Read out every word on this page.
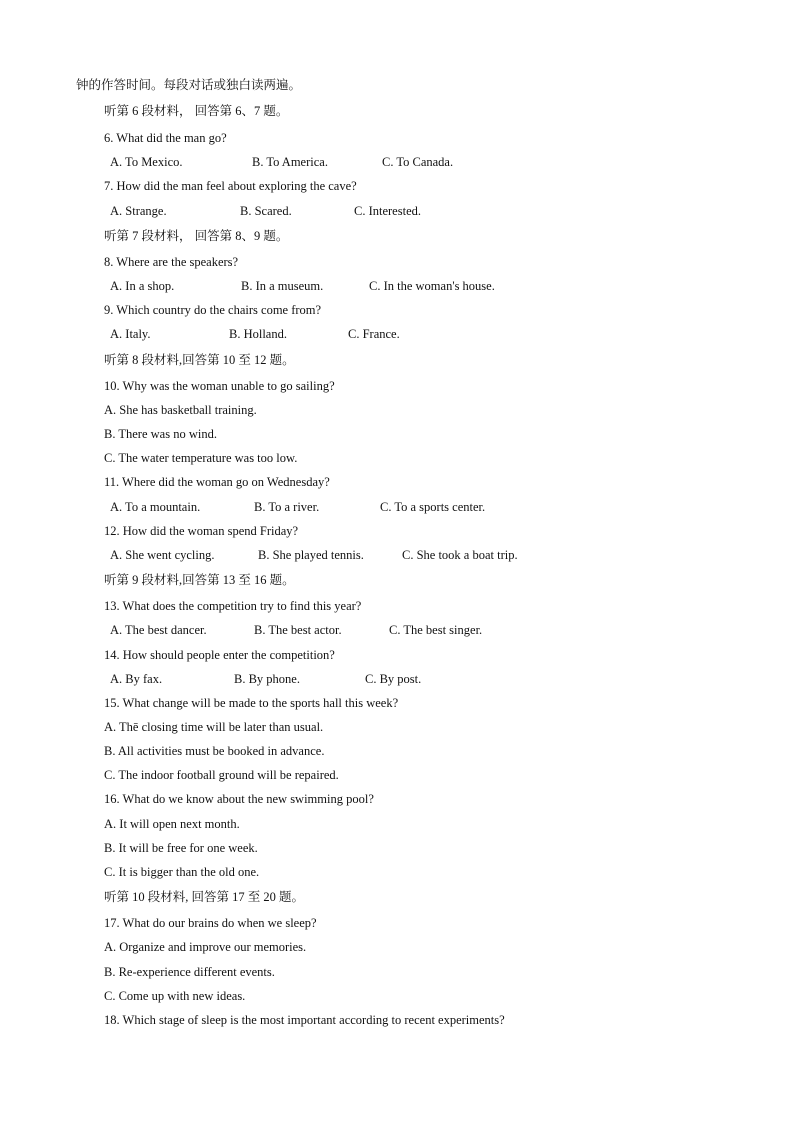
钟的作答时间。每段对话或独白读两遍。
听第 6 段材料， 回答第 6、7 题。
6. What did the man go?
A. To Mexico.	B. To America.	C. To Canada.
7. How did the man feel about exploring the cave?
A. Strange.	B. Scared.	C. Interested.
听第 7 段材料， 回答第 8、9 题。
8. Where are the speakers?
A. In a shop.	B. In a museum.	C. In the woman's house.
9. Which country do the chairs come from?
A. Italy.	B. Holland.	C. France.
听第 8 段材料,回答第 10 至 12 题。
10. Why was the woman unable to go sailing?
A. She has basketball training.
B. There was no wind.
C. The water temperature was too low.
11. Where did the woman go on Wednesday?
A. To a mountain.	B. To a river.	C. To a sports center.
12. How did the woman spend Friday?
A. She went cycling.	B. She played tennis.	C. She took a boat trip.
听第 9 段材料,回答第 13 至 16 题。
13. What does the competition try to find this year?
A. The best dancer.	B. The best actor.	C. The best singer.
14. How should people enter the competition?
A. By fax.	B. By phone.	C. By post.
15. What change will be made to the sports hall this week?
A. Thē closing time will be later than usual.
B. All activities must be booked in advance.
C. The indoor football ground will be repaired.
16. What do we know about the new swimming pool?
A. It will open next month.
B. It will be free for one week.
C. It is bigger than the old one.
听第 10 段材料, 回答第 17 至 20 题。
17. What do our brains do when we sleep?
A. Organize and improve our memories.
B. Re-experience different events.
C. Come up with new ideas.
18. Which stage of sleep is the most important according to recent experiments?
